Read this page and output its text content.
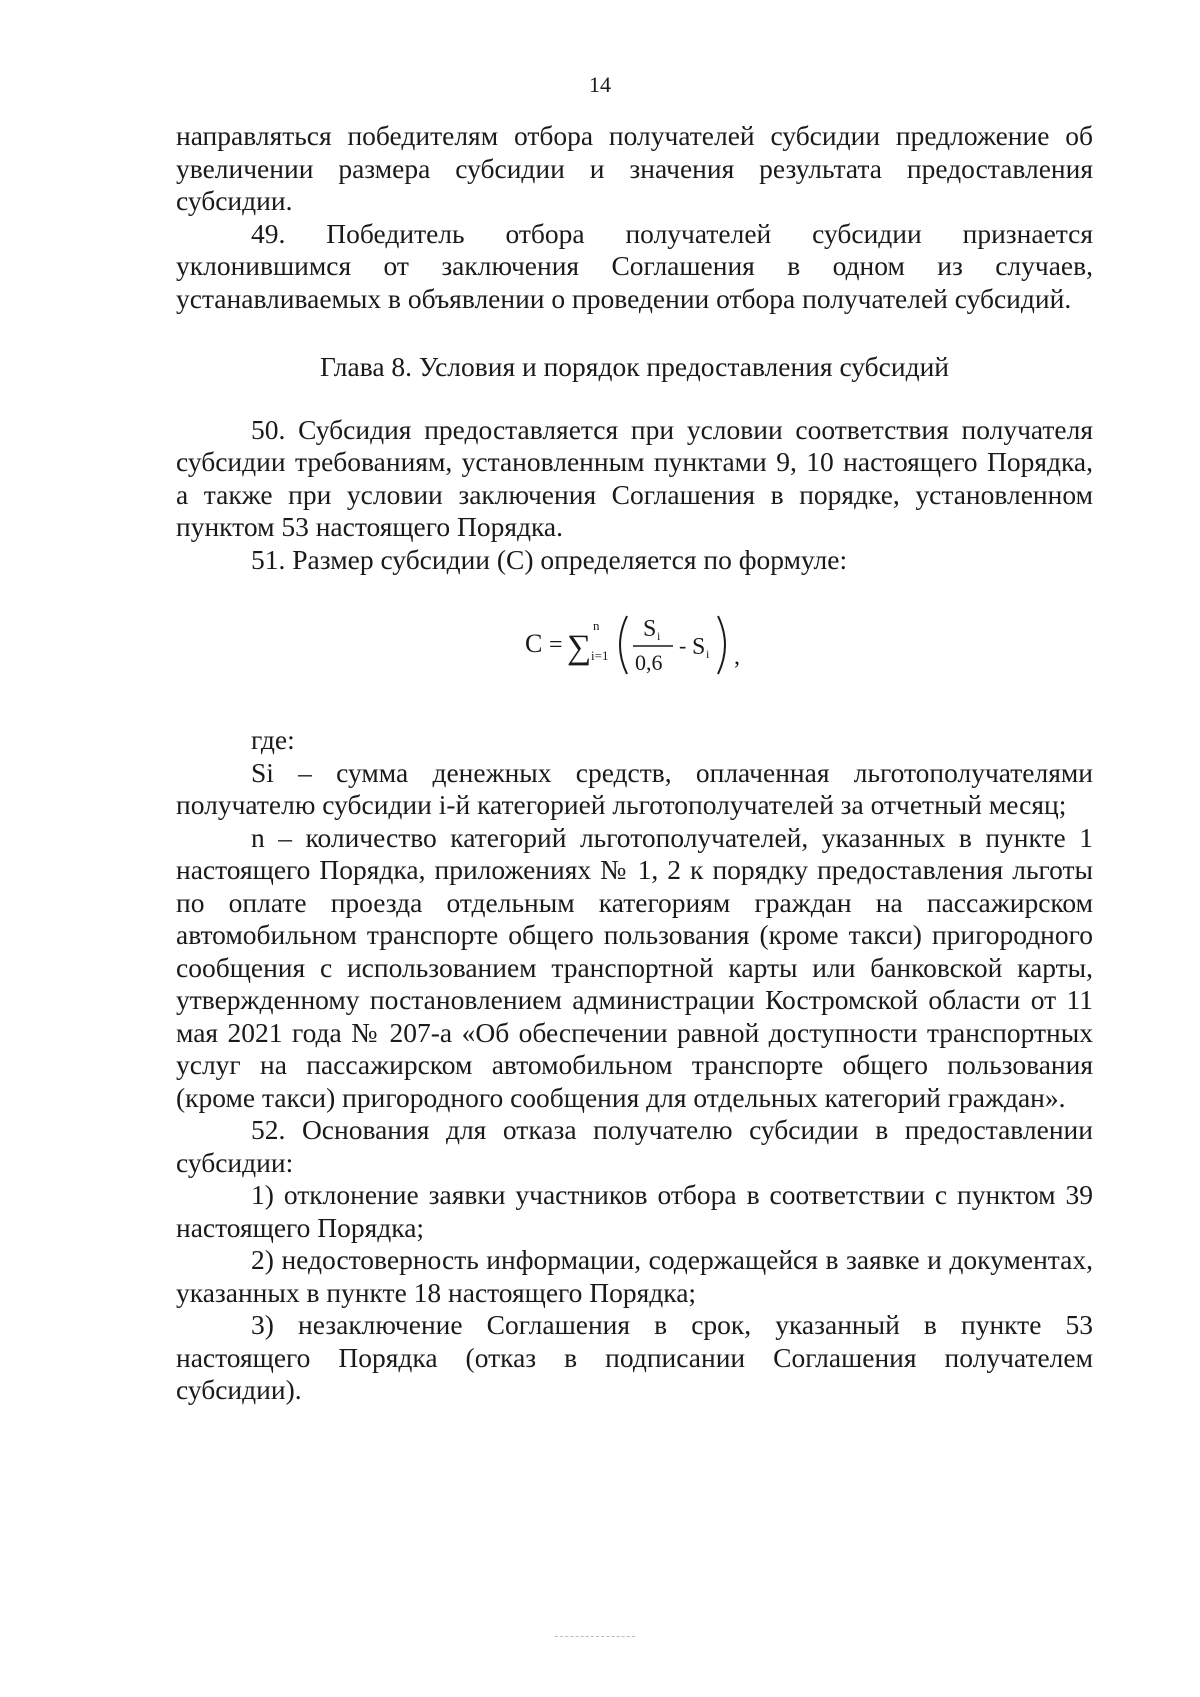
14

направляться победителям отбора получателей субсидии предложение об увеличении размера субсидии и значения результата предоставления субсидии.

49. Победитель отбора получателей субсидии признается уклонившимся от заключения Соглашения в одном из случаев, устанавливаемых в объявлении о проведении отбора получателей субсидий.

Глава 8. Условия и порядок предоставления субсидий

50. Субсидия предоставляется при условии соответствия получателя субсидии требованиям, установленным пунктами 9, 10 настоящего Порядка, а также при условии заключения Соглашения в порядке, установленном пунктом 53 настоящего Порядка.

51. Размер субсидии (С) определяется по формуле:

C = ∑
n
i=1
S i
0,6
- S i ,

где:

Si – сумма денежных средств, оплаченная льготополучателями получателю субсидии i-й категорией льготополучателей за отчетный месяц;

n – количество категорий льготополучателей, указанных в пункте 1 настоящего Порядка, приложениях № 1, 2 к порядку предоставления льготы по оплате проезда отдельным категориям граждан на пассажирском автомобильном транспорте общего пользования (кроме такси) пригородного сообщения с использованием транспортной карты или банковской карты, утвержденному постановлением администрации Костромской области от 11 мая 2021 года № 207-а «Об обеспечении равной доступности транспортных услуг на пассажирском автомобильном транспорте общего пользования (кроме такси) пригородного сообщения для отдельных категорий граждан».

52. Основания для отказа получателю субсидии в предоставлении субсидии:

1) отклонение заявки участников отбора в соответствии с пунктом 39 настоящего Порядка;

2) недостоверность информации, содержащейся в заявке и документах, указанных в пункте 18 настоящего Порядка;

3) незаключение Соглашения в срок, указанный в пункте 53 настоящего Порядка (отказ в подписании Соглашения получателем субсидии).
